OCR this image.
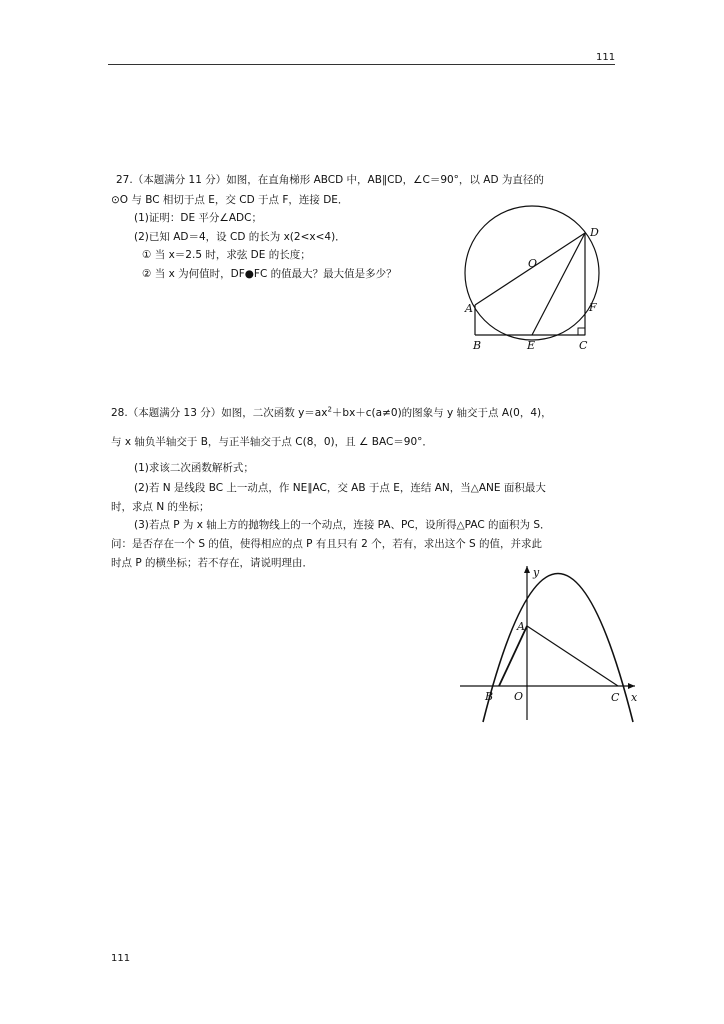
111
27.（本题满分 11 分）如图，在直角梯形 ABCD 中，AB∥CD，∠C＝90°，以 AD 为直径的
⊙O 与 BC 相切于点 E，交 CD 于点 F，连接 DE．
(1)证明：DE 平分∠ADC；
(2)已知 AD＝4，设 CD 的长为 x(2<x<4)．
① 当 x＝2.5 时，求弦 DE 的长度；
② 当 x 为何值时，DF●FC 的值最大？最大值是多少？
D
O
A	F
B	E	C
28.（本题满分 13 分）如图，二次函数 $y=ax^2+bx+c(a\ne 0)$的图象与 y 轴交于点 A(0，4)，
与 x 轴负半轴交于 B，与正半轴交于点 C(8，0)，且 ∠ BAC＝90°．
(1)求该二次函数解析式；
(2)若 N 是线段 BC 上一动点，作 NE∥AC，交 AB 于点 E，连结 AN，当△ANE 面积最大
时，求点 N 的坐标；
(3)若点 P 为 x 轴上方的抛物线上的一个动点，连接 PA、PC，设所得△PAC 的面积为 S．
问：是否存在一个 S 的值，使得相应的点 P 有且只有 2 个，若有，求出这个 S 的值，并求此
时点 P 的横坐标；若不存在，请说明理由．
y
A
B O	C x
111
